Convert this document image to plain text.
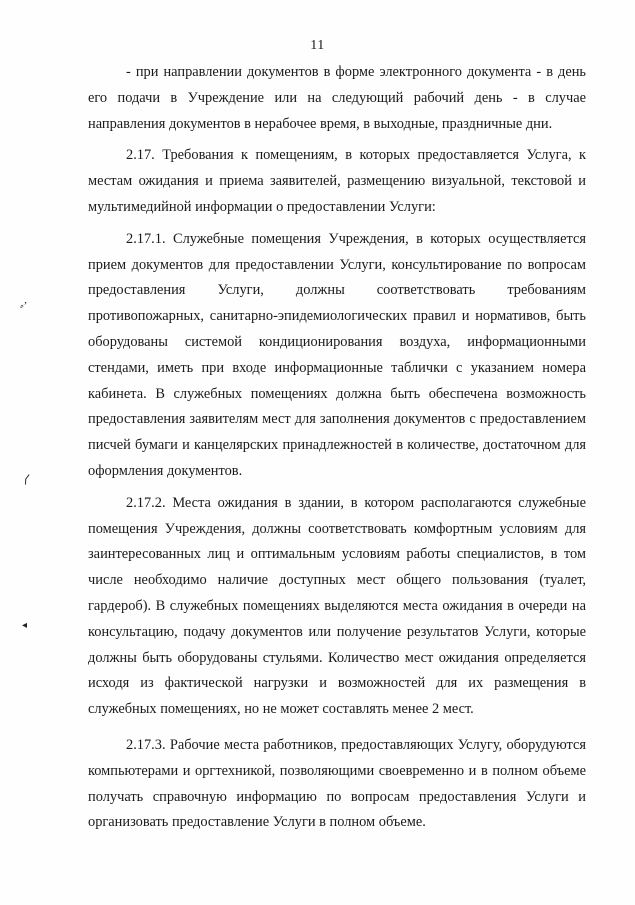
11
⸗ʼ
⟨
◂

- при направлении документов в форме электронного документа - в день его подачи в Учреждение или на следующий рабочий день - в случае направления документов в нерабочее время, в выходные, праздничные дни.

2.17. Требования к помещениям, в которых предоставляется Услуга, к местам ожидания и приема заявителей, размещению визуальной, текстовой и мультимедийной информации о предоставлении Услуги:

2.17.1. Служебные помещения Учреждения, в которых осуществляется прием документов для предоставлении Услуги, консультирование по вопросам предоставления Услуги, должны соответствовать требованиям противопожарных, санитарно-эпидемиологических правил и нормативов, быть оборудованы системой кондиционирования воздуха, информационными стендами, иметь при входе информационные таблички с указанием номера кабинета. В служебных помещениях должна быть обеспечена возможность предоставления заявителям мест для заполнения документов с предоставлением писчей бумаги и канцелярских принадлежностей в количестве, достаточном для оформления документов.

2.17.2. Места ожидания в здании, в котором располагаются служебные помещения Учреждения, должны соответствовать комфортным условиям для заинтересованных лиц и оптимальным условиям работы специалистов, в том числе необходимо наличие доступных мест общего пользования (туалет, гардероб). В служебных помещениях выделяются места ожидания в очереди на консультацию, подачу документов или получение результатов Услуги, которые должны быть оборудованы стульями. Количество мест ожидания определяется исходя из фактической нагрузки и возможностей для их размещения в служебных помещениях, но не может составлять менее 2 мест.

2.17.3. Рабочие места работников, предоставляющих Услугу, оборудуются компьютерами и оргтехникой, позволяющими своевременно и в полном объеме получать справочную информацию по вопросам предоставления Услуги и организовать предоставление Услуги в полном объеме.
